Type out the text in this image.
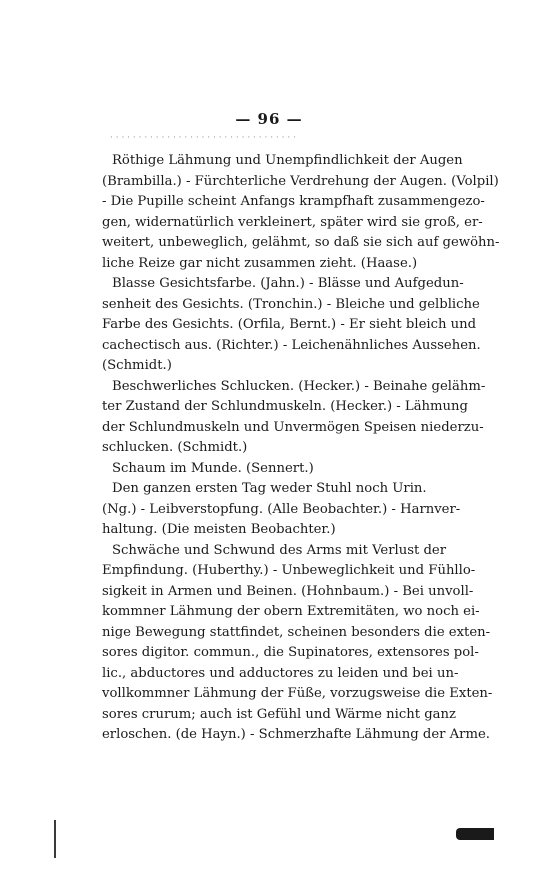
— 96 —
· · · · · · · · · · · · · · · · · · · · · · · · · · · · · · · · ·
Röthige Lähmung und Unempfindlichkeit der Augen
(Brambilla.) - Fürchterliche Verdrehung der Augen. (Volpil)
- Die Pupille scheint Anfangs krampfhaft zusammengezo-
gen, widernatürlich verkleinert, später wird sie groß, er-
weitert, unbeweglich, gelähmt, so daß sie sich auf gewöhn-
liche Reize gar nicht zusammen zieht. (Haase.)
Blasse Gesichtsfarbe. (Jahn.) - Blässe und Aufgedun-
senheit des Gesichts. (Tronchin.) - Bleiche und gelbliche
Farbe des Gesichts. (Orfila, Bernt.) - Er sieht bleich und
cachectisch aus. (Richter.) - Leichenähnliches Aussehen.
(Schmidt.)
Beschwerliches Schlucken. (Hecker.) - Beinahe gelähm-
ter Zustand der Schlundmuskeln. (Hecker.) - Lähmung
der Schlundmuskeln und Unvermögen Speisen niederzu-
schlucken. (Schmidt.)
Schaum im Munde. (Sennert.)
Den ganzen ersten Tag weder Stuhl noch Urin.
(Ng.) - Leibverstopfung. (Alle Beobachter.) - Harnver-
haltung. (Die meisten Beobachter.)
Schwäche und Schwund des Arms mit Verlust der
Empfindung. (Huberthy.) - Unbeweglichkeit und Fühllo-
sigkeit in Armen und Beinen. (Hohnbaum.) - Bei unvoll-
kommner Lähmung der obern Extremitäten, wo noch ei-
nige Bewegung stattfindet, scheinen besonders die exten-
sores digitor. commun., die Supinatores, extensores pol-
lic., abductores und adductores zu leiden und bei un-
vollkommner Lähmung der Füße, vorzugsweise die Exten-
sores crurum; auch ist Gefühl und Wärme nicht ganz
erloschen. (de Hayn.) - Schmerzhafte Lähmung der Arme.
